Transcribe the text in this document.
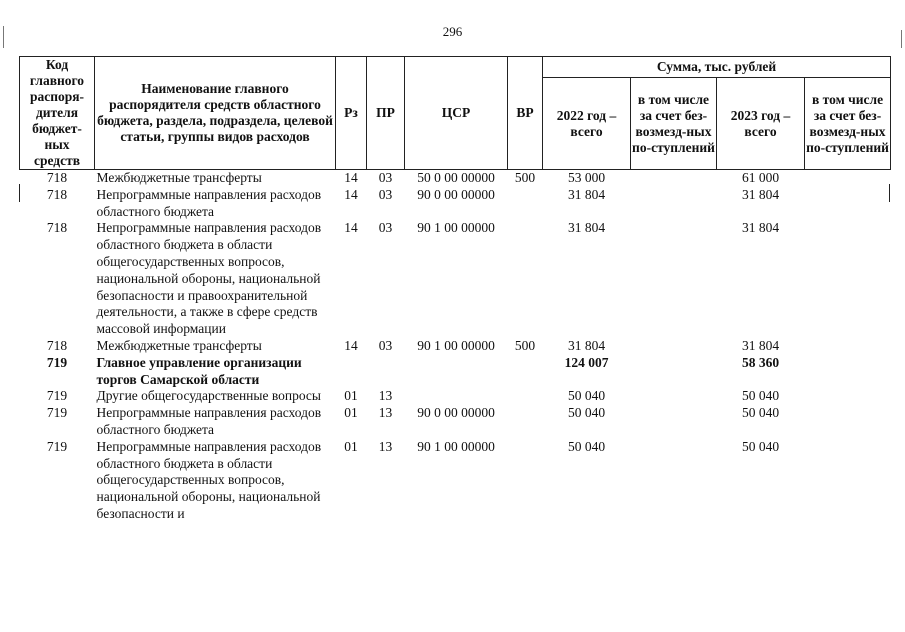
296
Код главного распоря-дителя бюджет-ных средств	Наименование главного распорядителя средств областного бюджета, раздела, подраздела, целевой статьи, группы видов расходов	Рз	ПР	ЦСР	ВР	Сумма, тыс. рублей			
						2022 год – всего	в том числе за счет без-возмезд-ных по-ступлений	2023 год – всего	в том числе за счет без-возмезд-ных по-ступлений
718	Межбюджетные трансферты	14	03	50 0 00 00000	500	53 000		61 000	
718	Непрограммные направления расходов областного бюджета	14	03	90 0 00 00000		31 804		31 804	
718	Непрограммные направления расходов областного бюджета в области общегосударственных вопросов, национальной обороны, национальной безопасности и правоохранительной деятельности, а также в сфере средств массовой информации	14	03	90 1 00 00000		31 804		31 804	
718	Межбюджетные трансферты	14	03	90 1 00 00000	500	31 804		31 804	
719	Главное управление организации торгов Самарской области					124 007		58 360	
719	Другие общегосударственные вопросы	01	13			50 040		50 040	
719	Непрограммные направления расходов областного бюджета	01	13	90 0 00 00000		50 040		50 040	
719	Непрограммные направления расходов областного бюджета в области общегосударственных вопросов, национальной обороны, национальной безопасности и	01	13	90 1 00 00000		50 040		50 040	
